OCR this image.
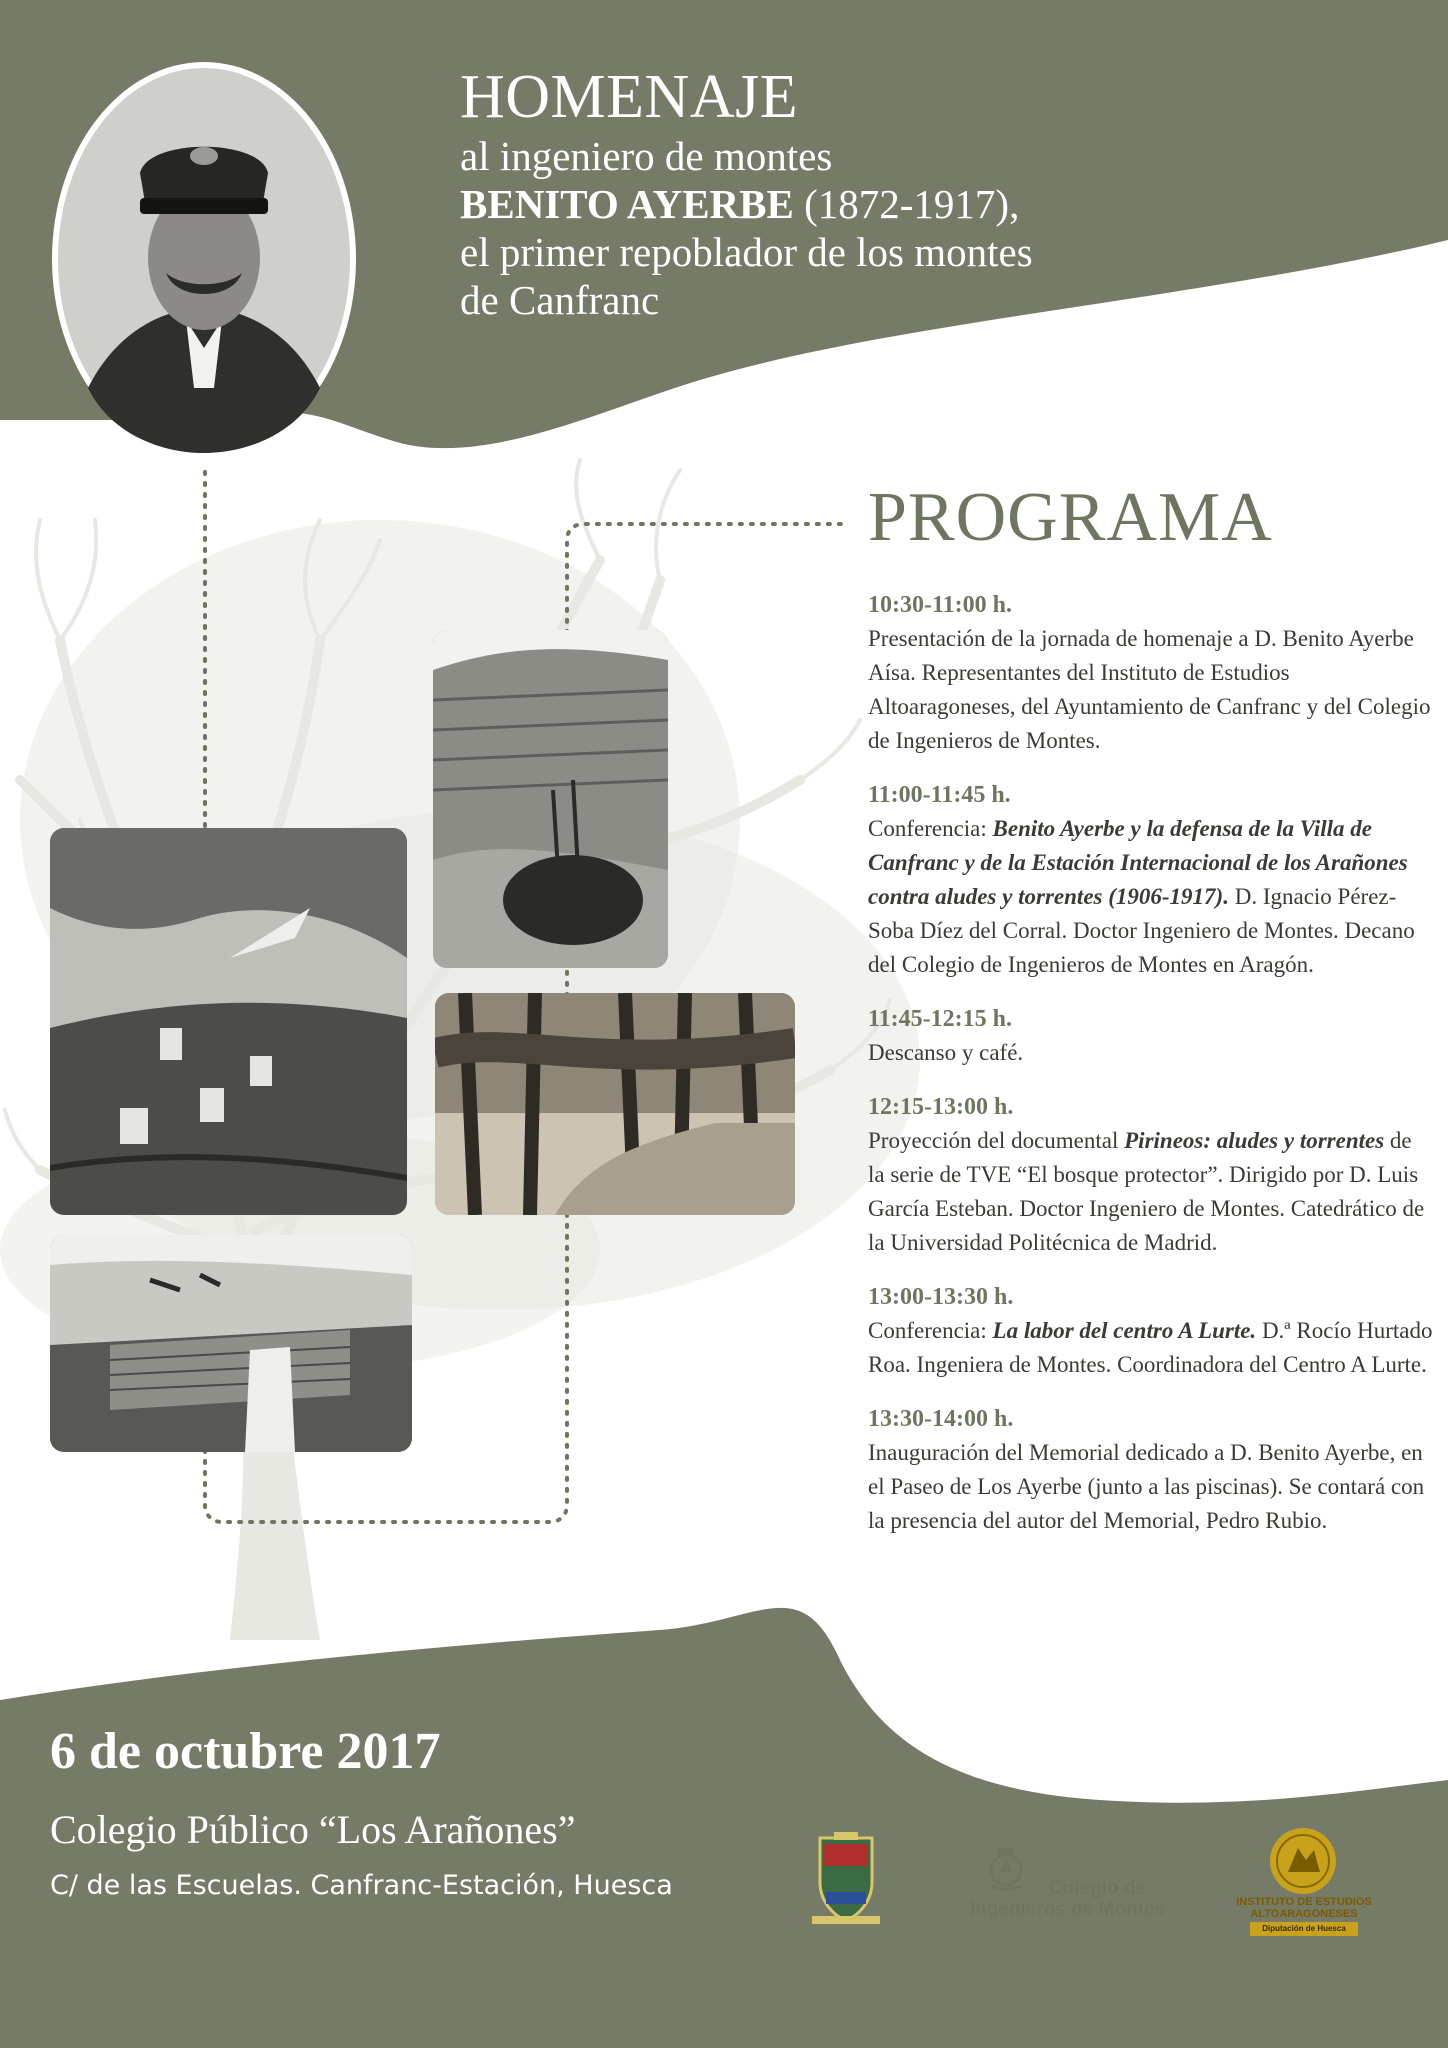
HOMENAJE
al ingeniero de montes
BENITO AYERBE (1872-1917),
el primer repoblador de los montes
de Canfranc
PROGRAMA
10:30-11:00 h.
Presentación de la jornada de homenaje a D. Benito Ayerbe Aísa. Representantes del Instituto de Estudios Altoaragoneses, del Ayuntamiento de Canfranc y del Colegio de Ingenieros de Montes.
11:00-11:45 h.
Conferencia: Benito Ayerbe y la defensa de la Villa de Canfranc y de la Estación Internacional de los Arañones contra aludes y torrentes (1906-1917). D. Ignacio Pérez-Soba Díez del Corral. Doctor Ingeniero de Montes. Decano del Colegio de Ingenieros de Montes en Aragón.
11:45-12:15 h.
Descanso y café.
12:15-13:00 h.
Proyección del documental Pirineos: aludes y torrentes de la serie de TVE “El bosque protector”. Dirigido por D. Luis García Esteban. Doctor Ingeniero de Montes. Catedrático de la Universidad Politécnica de Madrid.
13:00-13:30 h.
Conferencia: La labor del centro A Lurte. D.ª Rocío Hurtado Roa. Ingeniera de Montes. Coordinadora del Centro A Lurte.
13:30-14:00 h.
Inauguración del Memorial dedicado a D. Benito Ayerbe, en el Paseo de Los Ayerbe (junto a las piscinas). Se contará con la presencia del autor del Memorial, Pedro Rubio.
6 de octubre 2017
Colegio Público “Los Arañones”
C/ de las Escuelas. Canfranc-Estación, Huesca	Colegio de
Ingenieros de Montes	INSTITUTO DE ESTUDIOS
ALTOARAGONESES
Diputación de Huesca
